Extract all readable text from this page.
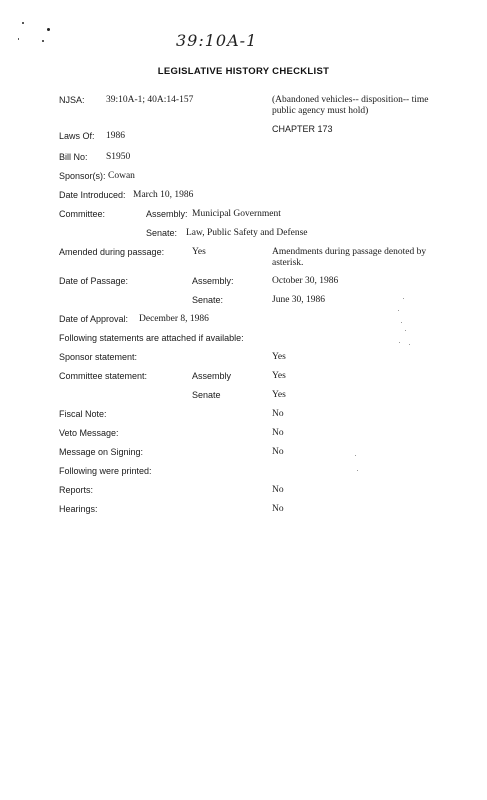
39:10A-1
LEGISLATIVE HISTORY CHECKLIST
NJSA: 39:10A-1; 40A:14-157	(Abandoned vehicles-- disposition-- time public agency must hold)
CHAPTER 173
Laws Of: 1986
Bill No: S1950
Sponsor(s): Cowan
Date Introduced: March 10, 1986
Committee:	Assembly: Municipal Government
Senate: Law, Public Safety and Defense
Amended during passage:	Yes	Amendments during passage denoted by asterisk.
Date of Passage:	Assembly:	October 30, 1986
Senate:	June 30, 1986
Date of Approval: December 8, 1986
Following statements are attached if available:
Sponsor statement:	Yes
Committee statement:	Assembly	Yes
Senate	Yes
Fiscal Note:	No
Veto Message:	No
Message on Signing:	No
Following were printed:
Reports:	No
Hearings:	No
